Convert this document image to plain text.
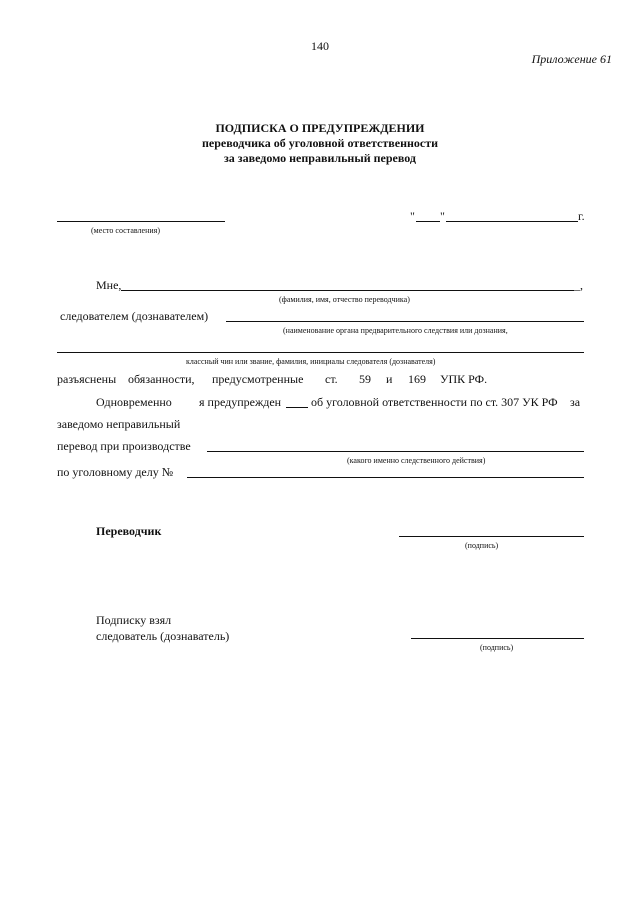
140
Приложение 61
ПОДПИСКА О ПРЕДУПРЕЖДЕНИИ
переводчика об уголовной ответственности
за заведомо неправильный перевод
(место составления)
" "	г.
Мне,	_,
(фамилия, имя, отчество переводчика)
следователем (дознавателем)
(наименование органа предварительного следствия или дознания,
классный чин или звание, фамилия, инициалы следователя (дознавателя)
разъяснены обязанности, предусмотренные ст. 59 и 169 УПК РФ.
Одновременно я предупрежден об уголовной ответственности по ст. 307 УК РФ за
заведомо неправильный
перевод при производстве
(какого именно следственного действия)
по уголовному делу №
Переводчик
(подпись)
Подписку взял
следователь (дознаватель)
(подпись)
